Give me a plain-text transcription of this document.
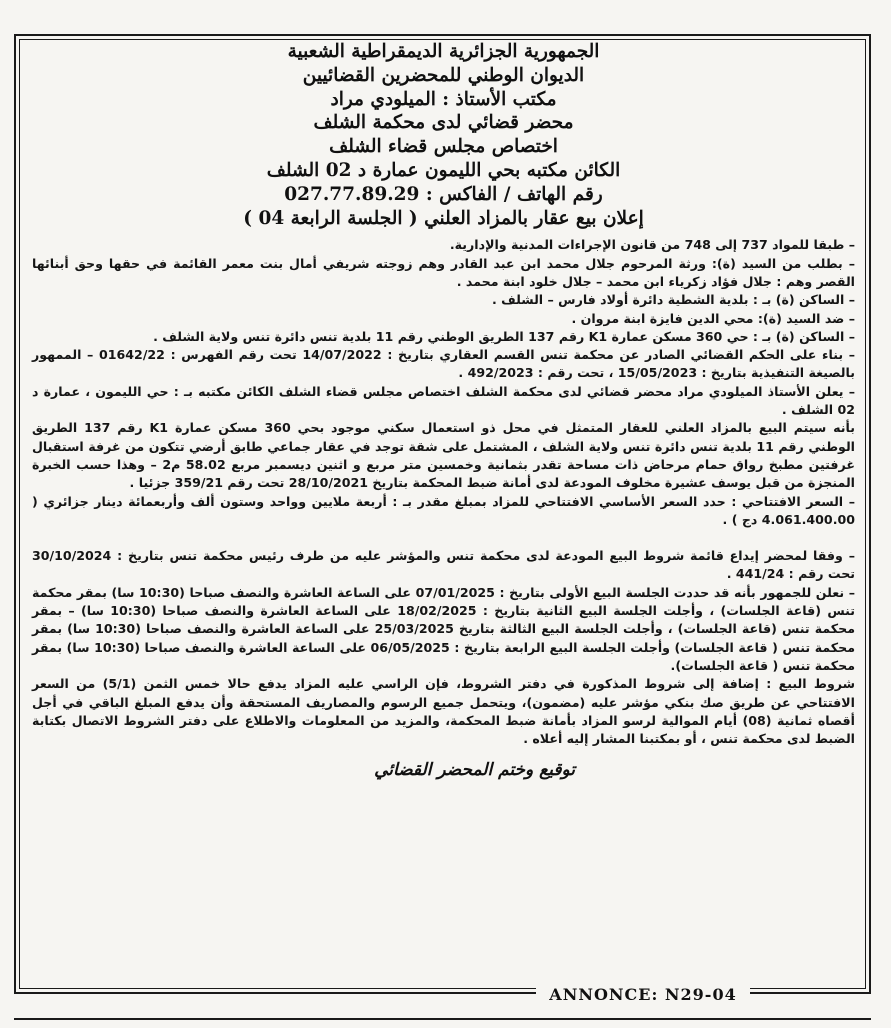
الجمهورية الجزائرية الديمقراطية الشعبية
الديوان الوطني للمحضرين القضائيين
مكتب الأستاذ : الميلودي مراد
محضر قضائي لدى محكمة الشلف
اختصاص مجلس قضاء الشلف
الكائن مكتبه بحي الليمون عمارة د 02 الشلف
رقم الهاتف / الفاكس : 027.77.89.29
إعلان بيع عقار بالمزاد العلني ( الجلسة الرابعة 04 )

– طبقا للمواد 737 إلى 748 من قانون الإجراءات المدنية والإدارية.

– بطلب من السيد (ة): ورثة المرحوم جلال محمد ابن عبد القادر وهم زوجته شريفي أمال بنت معمر القائمة في حقها وحق أبنائها القصر وهم : جلال فؤاد زكرياء ابن محمد – جلال خلود ابنة محمد .

– الساكن (ة) بـ : بلدية الشطية دائرة أولاد فارس – الشلف .

– ضد السيد (ة): محي الدين فايزة ابنة مروان .

– الساكن (ة) بـ : حي 360 مسكن عمارة K1 رقم 137 الطريق الوطني رقم 11 بلدية تنس دائرة تنس ولاية الشلف .

– بناء على الحكم القضائي الصادر عن محكمة تنس القسم العقاري بتاريخ : 14/07/2022 تحت رقم الفهرس : 01642/22 – الممهور بالصيغة التنفيذية بتاريخ : 15/05/2023 ، تحت رقم : 492/2023 .

– يعلن الأستاذ الميلودي مراد محضر قضائي لدى محكمة الشلف اختصاص مجلس قضاء الشلف الكائن مكتبه بـ : حي الليمون ، عمارة د 02 الشلف .

بأنه سيتم البيع بالمزاد العلني للعقار المتمثل في محل ذو استعمال سكني موجود بحي 360 مسكن عمارة K1 رقم 137 الطريق الوطني رقم 11 بلدية تنس دائرة تنس ولاية الشلف ، المشتمل على شقة توجد في عقار جماعي طابق أرضي تتكون من غرفة استقبال غرفتين مطبخ رواق حمام مرحاض ذات مساحة تقدر بثمانية وخمسين متر مربع و اثنين ديسمبر مربع 58.02 م2 – وهذا حسب الخبرة المنجزة من قبل يوسف عشيرة مخلوف المودعة لدى أمانة ضبط المحكمة بتاريخ 28/10/2021 تحت رقم 359/21 جزئيا .

– السعر الافتتاحي : حدد السعر الأساسي الافتتاحي للمزاد بمبلغ مقدر بـ : أربعة ملايين وواحد وستون ألف وأربعمائة دينار جزائري ( 4.061.400.00 دج ) .

– وفقا لمحضر إيداع قائمة شروط البيع المودعة لدى محكمة تنس والمؤشر عليه من طرف رئيس محكمة تنس بتاريخ : 30/10/2024 تحت رقم : 441/24 .

– نعلن للجمهور بأنه قد حددت الجلسة البيع الأولى بتاريخ : 07/01/2025 على الساعة العاشرة والنصف صباحا (10:30 سا) بمقر محكمة تنس (قاعة الجلسات) ، وأجلت الجلسة البيع الثانية بتاريخ : 18/02/2025 على الساعة العاشرة والنصف صباحا (10:30 سا) – بمقر محكمة تنس (قاعة الجلسات) ، وأجلت الجلسة البيع الثالثة بتاريخ 25/03/2025 على الساعة العاشرة والنصف صباحا (10:30 سا) بمقر محكمة تنس ( قاعة الجلسات) وأجلت الجلسة البيع الرابعة بتاريخ : 06/05/2025 على الساعة العاشرة والنصف صباحا (10:30 سا) بمقر محكمة تنس ( قاعة الجلسات).

شروط البيع : إضافة إلى شروط المذكورة في دفتر الشروط، فإن الراسي عليه المزاد يدفع حالا خمس الثمن (5/1) من السعر الافتتاحي عن طريق صك بنكي مؤشر عليه (مضمون)، ويتحمل جميع الرسوم والمصاريف المستحقة وأن يدفع المبلغ الباقي في أجل أقصاه ثمانية (08) أيام الموالية لرسو المزاد بأمانة ضبط المحكمة، والمزيد من المعلومات والاطلاع على دفتر الشروط الاتصال بكتابة الضبط لدى محكمة تنس ، أو بمكتبنا المشار إليه أعلاه .

توقيع وختم المحضر القضائي
ANNONCE: N29-04
